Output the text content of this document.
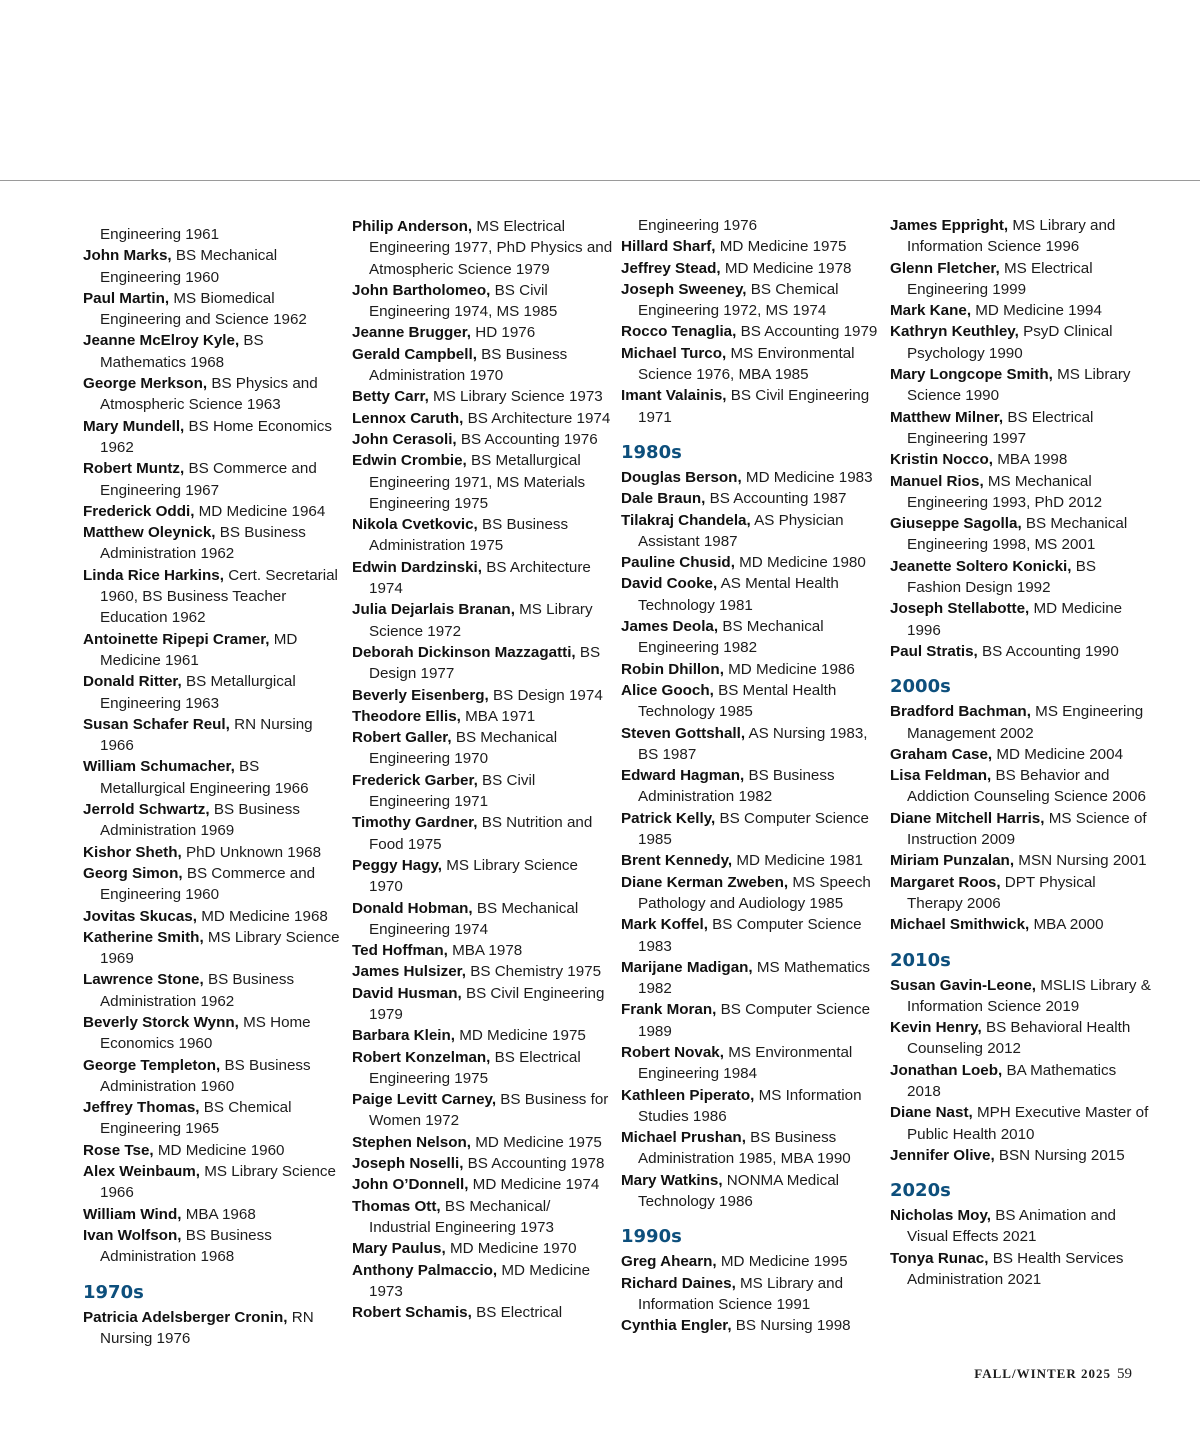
Engineering 1961
John Marks, BS Mechanical Engineering 1960
Paul Martin, MS Biomedical Engineering and Science 1962
Jeanne McElroy Kyle, BS Mathematics 1968
George Merkson, BS Physics and Atmospheric Science 1963
Mary Mundell, BS Home Economics 1962
Robert Muntz, BS Commerce and Engineering 1967
Frederick Oddi, MD Medicine 1964
Matthew Oleynick, BS Business Administration 1962
Linda Rice Harkins, Cert. Secretarial 1960, BS Business Teacher Education 1962
Antoinette Ripepi Cramer, MD Medicine 1961
Donald Ritter, BS Metallurgical Engineering 1963
Susan Schafer Reul, RN Nursing 1966
William Schumacher, BS Metallurgical Engineering 1966
Jerrold Schwartz, BS Business Administration 1969
Kishor Sheth, PhD Unknown 1968
Georg Simon, BS Commerce and Engineering 1960
Jovitas Skucas, MD Medicine 1968
Katherine Smith, MS Library Science 1969
Lawrence Stone, BS Business Administration 1962
Beverly Storck Wynn, MS Home Economics 1960
George Templeton, BS Business Administration 1960
Jeffrey Thomas, BS Chemical Engineering 1965
Rose Tse, MD Medicine 1960
Alex Weinbaum, MS Library Science 1966
William Wind, MBA 1968
Ivan Wolfson, BS Business Administration 1968
1970s
Patricia Adelsberger Cronin, RN Nursing 1976
Philip Anderson, MS Electrical Engineering 1977, PhD Physics and Atmospheric Science 1979
John Bartholomeo, BS Civil Engineering 1974, MS 1985
Jeanne Brugger, HD 1976
Gerald Campbell, BS Business Administration 1970
Betty Carr, MS Library Science 1973
Lennox Caruth, BS Architecture 1974
John Cerasoli, BS Accounting 1976
Edwin Crombie, BS Metallurgical Engineering 1971, MS Materials Engineering 1975
Nikola Cvetkovic, BS Business Administration 1975
Edwin Dardzinski, BS Architecture 1974
Julia Dejarlais Branan, MS Library Science 1972
Deborah Dickinson Mazzagatti, BS Design 1977
Beverly Eisenberg, BS Design 1974
Theodore Ellis, MBA 1971
Robert Galler, BS Mechanical Engineering 1970
Frederick Garber, BS Civil Engineering 1971
Timothy Gardner, BS Nutrition and Food 1975
Peggy Hagy, MS Library Science 1970
Donald Hobman, BS Mechanical Engineering 1974
Ted Hoffman, MBA 1978
James Hulsizer, BS Chemistry 1975
David Husman, BS Civil Engineering 1979
Barbara Klein, MD Medicine 1975
Robert Konzelman, BS Electrical Engineering 1975
Paige Levitt Carney, BS Business for Women 1972
Stephen Nelson, MD Medicine 1975
Joseph Noselli, BS Accounting 1978
John O’Donnell, MD Medicine 1974
Thomas Ott, BS Mechanical/ Industrial Engineering 1973
Mary Paulus, MD Medicine 1970
Anthony Palmaccio, MD Medicine 1973
Robert Schamis, BS Electrical
Engineering 1976
Hillard Sharf, MD Medicine 1975
Jeffrey Stead, MD Medicine 1978
Joseph Sweeney, BS Chemical Engineering 1972, MS 1974
Rocco Tenaglia, BS Accounting 1979
Michael Turco, MS Environmental Science 1976, MBA 1985
Imant Valainis, BS Civil Engineering 1971
1980s
Douglas Berson, MD Medicine 1983
Dale Braun, BS Accounting 1987
Tilakraj Chandela, AS Physician Assistant 1987
Pauline Chusid, MD Medicine 1980
David Cooke, AS Mental Health Technology 1981
James Deola, BS Mechanical Engineering 1982
Robin Dhillon, MD Medicine 1986
Alice Gooch, BS Mental Health Technology 1985
Steven Gottshall, AS Nursing 1983, BS 1987
Edward Hagman, BS Business Administration 1982
Patrick Kelly, BS Computer Science 1985
Brent Kennedy, MD Medicine 1981
Diane Kerman Zweben, MS Speech Pathology and Audiology 1985
Mark Koffel, BS Computer Science 1983
Marijane Madigan, MS Mathematics 1982
Frank Moran, BS Computer Science 1989
Robert Novak, MS Environmental Engineering 1984
Kathleen Piperato, MS Information Studies 1986
Michael Prushan, BS Business Administration 1985, MBA 1990
Mary Watkins, NONMA Medical Technology 1986
1990s
Greg Ahearn, MD Medicine 1995
Richard Daines, MS Library and Information Science 1991
Cynthia Engler, BS Nursing 1998
James Eppright, MS Library and Information Science 1996
Glenn Fletcher, MS Electrical Engineering 1999
Mark Kane, MD Medicine 1994
Kathryn Keuthley, PsyD Clinical Psychology 1990
Mary Longcope Smith, MS Library Science 1990
Matthew Milner, BS Electrical Engineering 1997
Kristin Nocco, MBA 1998
Manuel Rios, MS Mechanical Engineering 1993, PhD 2012
Giuseppe Sagolla, BS Mechanical Engineering 1998, MS 2001
Jeanette Soltero Konicki, BS Fashion Design 1992
Joseph Stellabotte, MD Medicine 1996
Paul Stratis, BS Accounting 1990
2000s
Bradford Bachman, MS Engineering Management 2002
Graham Case, MD Medicine 2004
Lisa Feldman, BS Behavior and Addiction Counseling Science 2006
Diane Mitchell Harris, MS Science of Instruction 2009
Miriam Punzalan, MSN Nursing 2001
Margaret Roos, DPT Physical Therapy 2006
Michael Smithwick, MBA 2000
2010s
Susan Gavin-Leone, MSLIS Library & Information Science 2019
Kevin Henry, BS Behavioral Health Counseling 2012
Jonathan Loeb, BA Mathematics 2018
Diane Nast, MPH Executive Master of Public Health 2010
Jennifer Olive, BSN Nursing 2015
2020s
Nicholas Moy, BS Animation and Visual Effects 2021
Tonya Runac, BS Health Services Administration 2021
FALL/WINTER 2025 59
